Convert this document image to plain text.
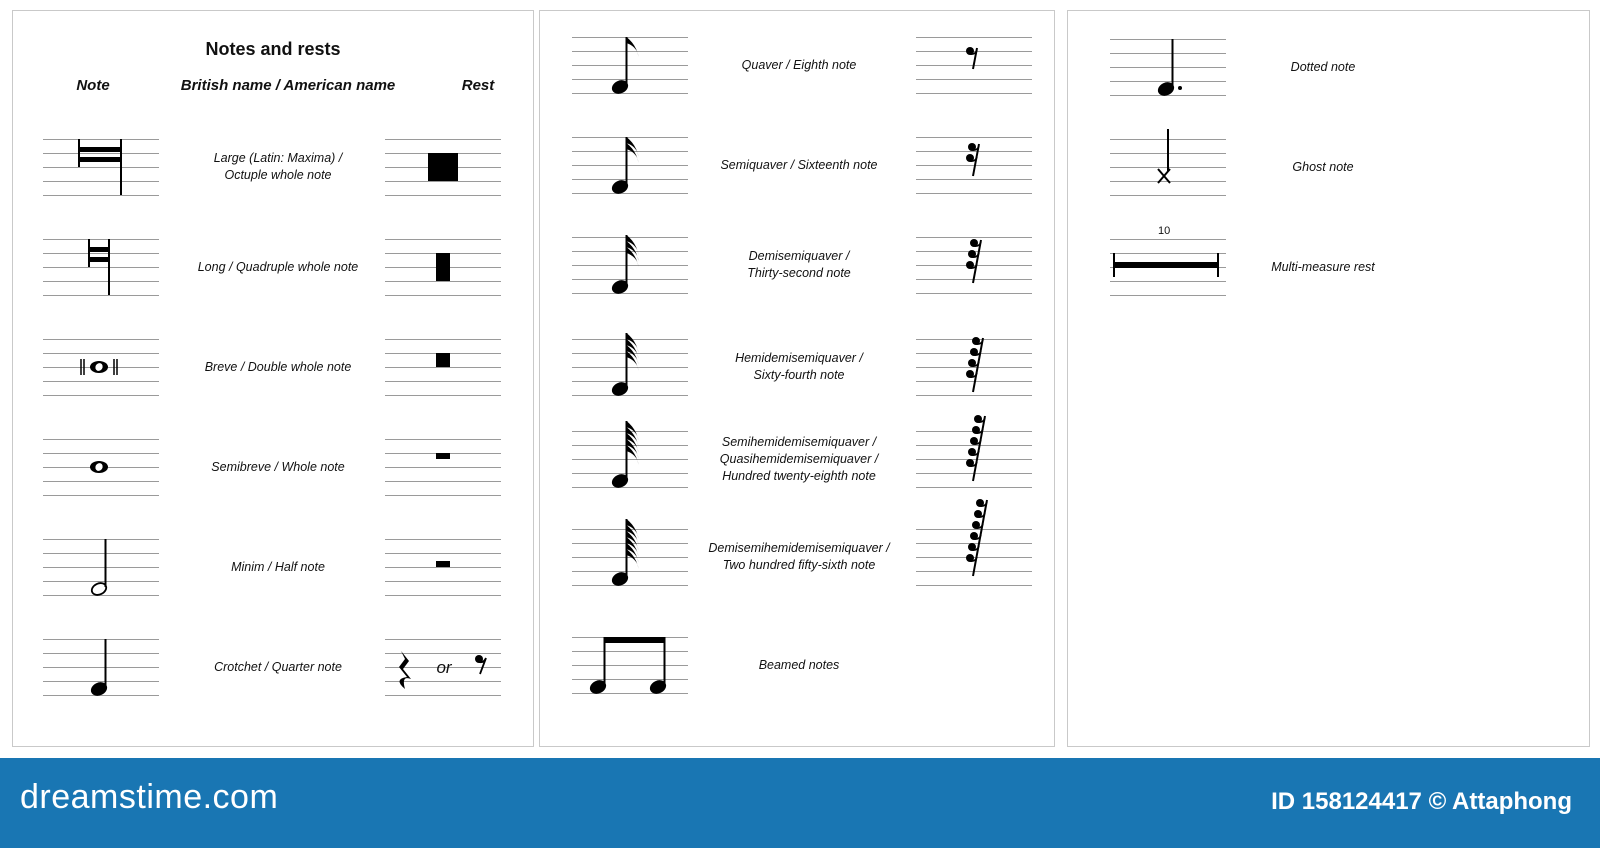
Notes and rests
Note	British name / American name	Rest
Large (Latin: Maxima) /
Octuple whole note
Long / Quadruple whole note
Breve / Double whole note
Semibreve / Whole note
Minim / Half note
Crotchet / Quarter note	or
Quaver / Eighth note
Semiquaver / Sixteenth note
Demisemiquaver /
Thirty-second note
Hemidemisemiquaver /
Sixty-fourth note
Semihemidemisemiquaver /
Quasihemidemisemiquaver /
Hundred twenty-eighth note
Demisemihemidemisemiquaver /
Two hundred fifty-sixth note
Beamed notes
Dotted note
Ghost note
10
Multi-measure rest
dreamstime.com	ID 158124417 © Attaphong
